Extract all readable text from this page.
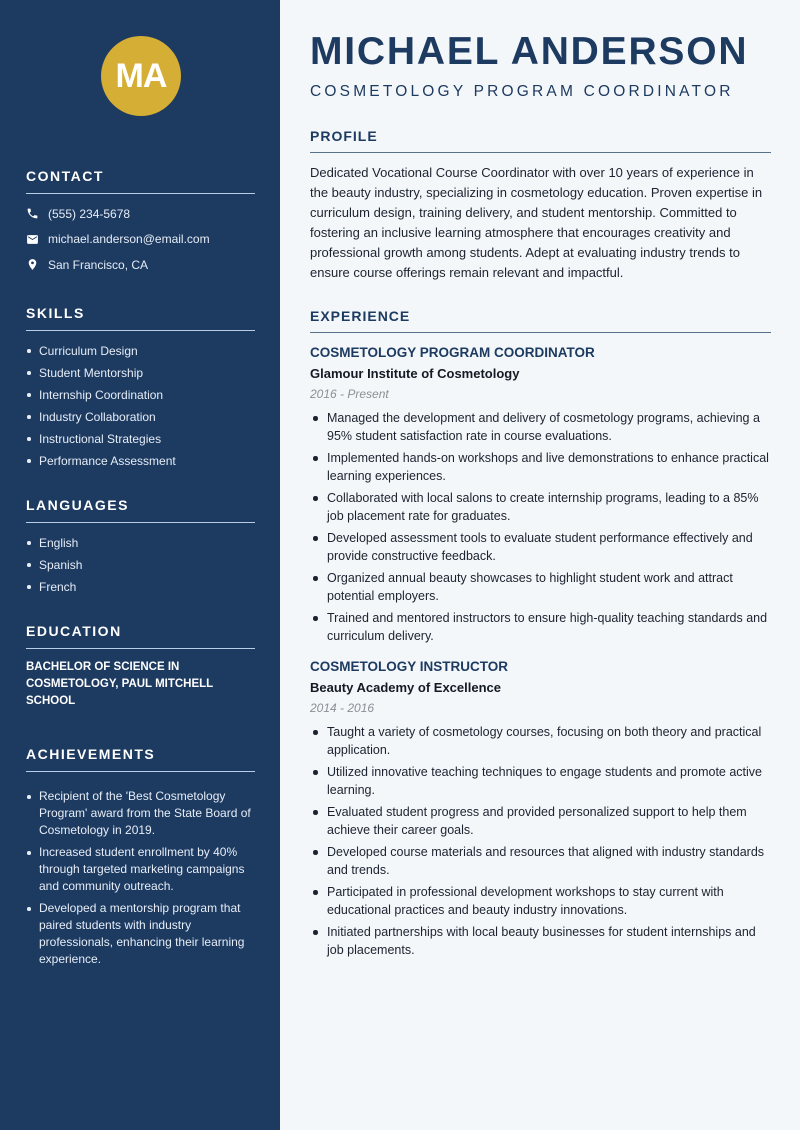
MA
CONTACT
(555) 234-5678
michael.anderson@email.com
San Francisco, CA
SKILLS
Curriculum Design
Student Mentorship
Internship Coordination
Industry Collaboration
Instructional Strategies
Performance Assessment
LANGUAGES
English
Spanish
French
EDUCATION
BACHELOR OF SCIENCE IN COSMETOLOGY, PAUL MITCHELL SCHOOL
ACHIEVEMENTS
Recipient of the 'Best Cosmetology Program' award from the State Board of Cosmetology in 2019.
Increased student enrollment by 40% through targeted marketing campaigns and community outreach.
Developed a mentorship program that paired students with industry professionals, enhancing their learning experience.
MICHAEL ANDERSON
COSMETOLOGY PROGRAM COORDINATOR
PROFILE

Dedicated Vocational Course Coordinator with over 10 years of experience in the beauty industry, specializing in cosmetology education. Proven expertise in curriculum design, training delivery, and student mentorship. Committed to fostering an inclusive learning atmosphere that encourages creativity and professional growth among students. Adept at evaluating industry trends to ensure course offerings remain relevant and impactful.

EXPERIENCE
COSMETOLOGY PROGRAM COORDINATOR
Glamour Institute of Cosmetology
2016 - Present
Managed the development and delivery of cosmetology programs, achieving a 95% student satisfaction rate in course evaluations.
Implemented hands-on workshops and live demonstrations to enhance practical learning experiences.
Collaborated with local salons to create internship programs, leading to a 85% job placement rate for graduates.
Developed assessment tools to evaluate student performance effectively and provide constructive feedback.
Organized annual beauty showcases to highlight student work and attract potential employers.
Trained and mentored instructors to ensure high-quality teaching standards and curriculum delivery.
COSMETOLOGY INSTRUCTOR
Beauty Academy of Excellence
2014 - 2016
Taught a variety of cosmetology courses, focusing on both theory and practical application.
Utilized innovative teaching techniques to engage students and promote active learning.
Evaluated student progress and provided personalized support to help them achieve their career goals.
Developed course materials and resources that aligned with industry standards and trends.
Participated in professional development workshops to stay current with educational practices and beauty industry innovations.
Initiated partnerships with local beauty businesses for student internships and job placements.
